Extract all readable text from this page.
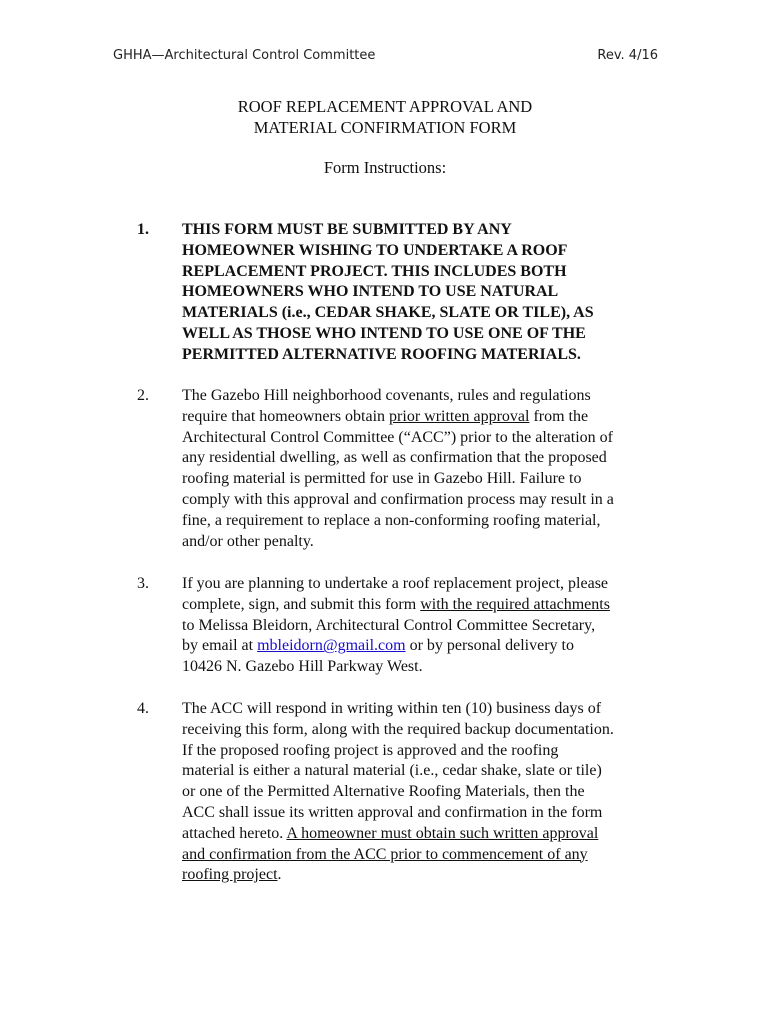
GHHA—Architectural Control Committee	Rev. 4/16
ROOF REPLACEMENT APPROVAL AND
MATERIAL CONFIRMATION FORM
Form Instructions:
1. THIS FORM MUST BE SUBMITTED BY ANY
HOMEOWNER WISHING TO UNDERTAKE A ROOF
REPLACEMENT PROJECT. THIS INCLUDES BOTH
HOMEOWNERS WHO INTEND TO USE NATURAL
MATERIALS (i.e., CEDAR SHAKE, SLATE OR TILE), AS
WELL AS THOSE WHO INTEND TO USE ONE OF THE
PERMITTED ALTERNATIVE ROOFING MATERIALS.
2. The Gazebo Hill neighborhood covenants, rules and regulations
require that homeowners obtain prior written approval from the
Architectural Control Committee (“ACC”) prior to the alteration of
any residential dwelling, as well as confirmation that the proposed
roofing material is permitted for use in Gazebo Hill. Failure to
comply with this approval and confirmation process may result in a
fine, a requirement to replace a non-conforming roofing material,
and/or other penalty.
3. If you are planning to undertake a roof replacement project, please
complete, sign, and submit this form with the required attachments
to Melissa Bleidorn, Architectural Control Committee Secretary,
by email at mbleidorn@gmail.com or by personal delivery to
10426 N. Gazebo Hill Parkway West.
4. The ACC will respond in writing within ten (10) business days of
receiving this form, along with the required backup documentation.
If the proposed roofing project is approved and the roofing
material is either a natural material (i.e., cedar shake, slate or tile)
or one of the Permitted Alternative Roofing Materials, then the
ACC shall issue its written approval and confirmation in the form
attached hereto. A homeowner must obtain such written approval
and confirmation from the ACC prior to commencement of any
roofing project.
